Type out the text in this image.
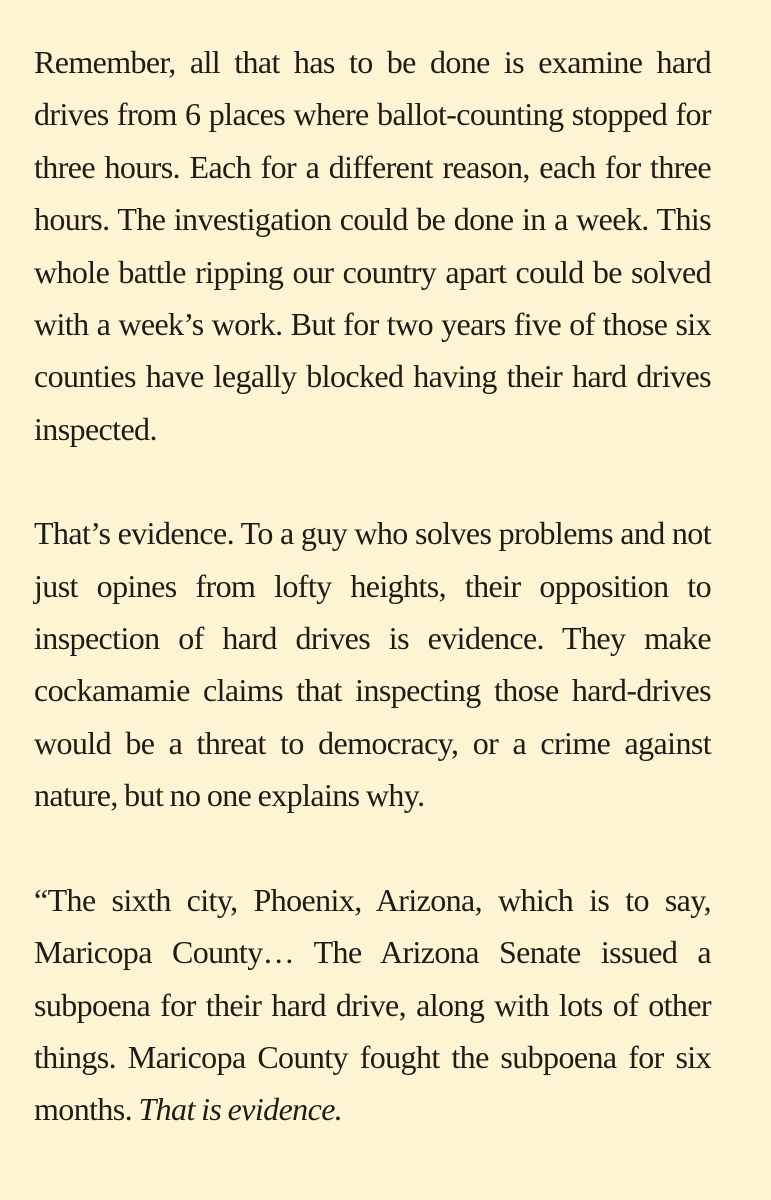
Remember, all that has to be done is examine hard drives from 6 places where ballot-counting stopped for three hours. Each for a different reason, each for three hours. The investigation could be done in a week. This whole battle ripping our country apart could be solved with a week’s work. But for two years five of those six counties have legally blocked having their hard drives inspected.

That’s evidence. To a guy who solves problems and not just opines from lofty heights, their opposition to inspection of hard drives is evidence. They make cockamamie claims that inspecting those hard-drives would be a threat to democracy, or a crime against nature, but no one explains why.

“The sixth city, Phoenix, Arizona, which is to say, Maricopa County… The Arizona Senate issued a subpoena for their hard drive, along with lots of other things. Maricopa County fought the subpoena for six months. That is evidence.
